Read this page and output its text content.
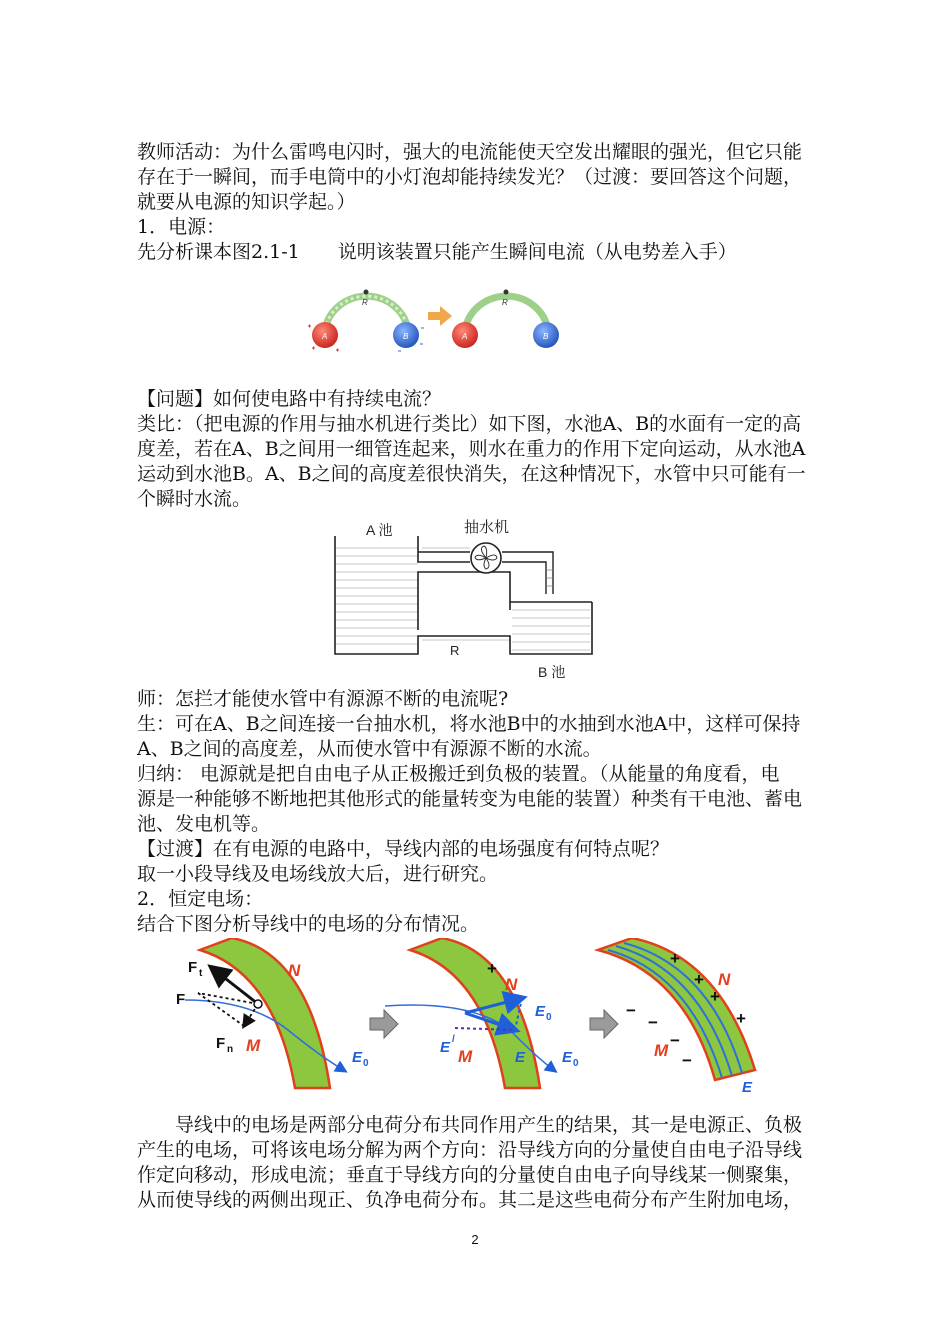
教师活动：为什么雷鸣电闪时，强大的电流能使天空发出耀眼的强光，但它只能
存在于一瞬间，而手电筒中的小灯泡却能持续发光？（过渡：要回答这个问题，
就要从电源的知识学起。）
1．电源：
先分析课本图2.1-1　　说明该装置只能产生瞬间电流（从电势差入手）
R
A	B
R
A	B
【问题】如何使电路中有持续电流？
类比：（把电源的作用与抽水机进行类比）如下图，水池A、B的水面有一定的高
度差，若在A、B之间用一细管连起来，则水在重力的作用下定向运动，从水池A
运动到水池B。A、B之间的高度差很快消失，在这种情况下，水管中只可能有一
个瞬时水流。
A 池	抽水机
R
B 池
师：怎拦才能使水管中有源源不断的电流呢?
生：可在A、B之间连接一台抽水机，将水池B中的水抽到水池A中，这样可保持
A、B之间的高度差，从而使水管中有源源不断的水流。
归纳： 电源就是把自由电子从正极搬迁到负极的装置。（从能量的角度看，电
源是一种能够不断地把其他形式的能量转变为电能的装置）种类有干电池、蓄电
池、发电机等。
【过渡】在有电源的电路中，导线内部的电场强度有何特点呢？
取一小段导线及电场线放大后，进行研究。
2．恒定电场：
结合下图分析导线中的电场的分布情况。
F t
F
F n
N
M
E 0
+
N
E 0
E /
M	E E 0
+
+
+
+
N
−
−
−
−
M
E
　　导线中的电场是两部分电荷分布共同作用产生的结果，其一是电源正、负极
产生的电场，可将该电场分解为两个方向：沿导线方向的分量使自由电子沿导线
作定向移动，形成电流；垂直于导线方向的分量使自由电子向导线某一侧聚集，
从而使导线的两侧出现正、负净电荷分布。其二是这些电荷分布产生附加电场，
2
